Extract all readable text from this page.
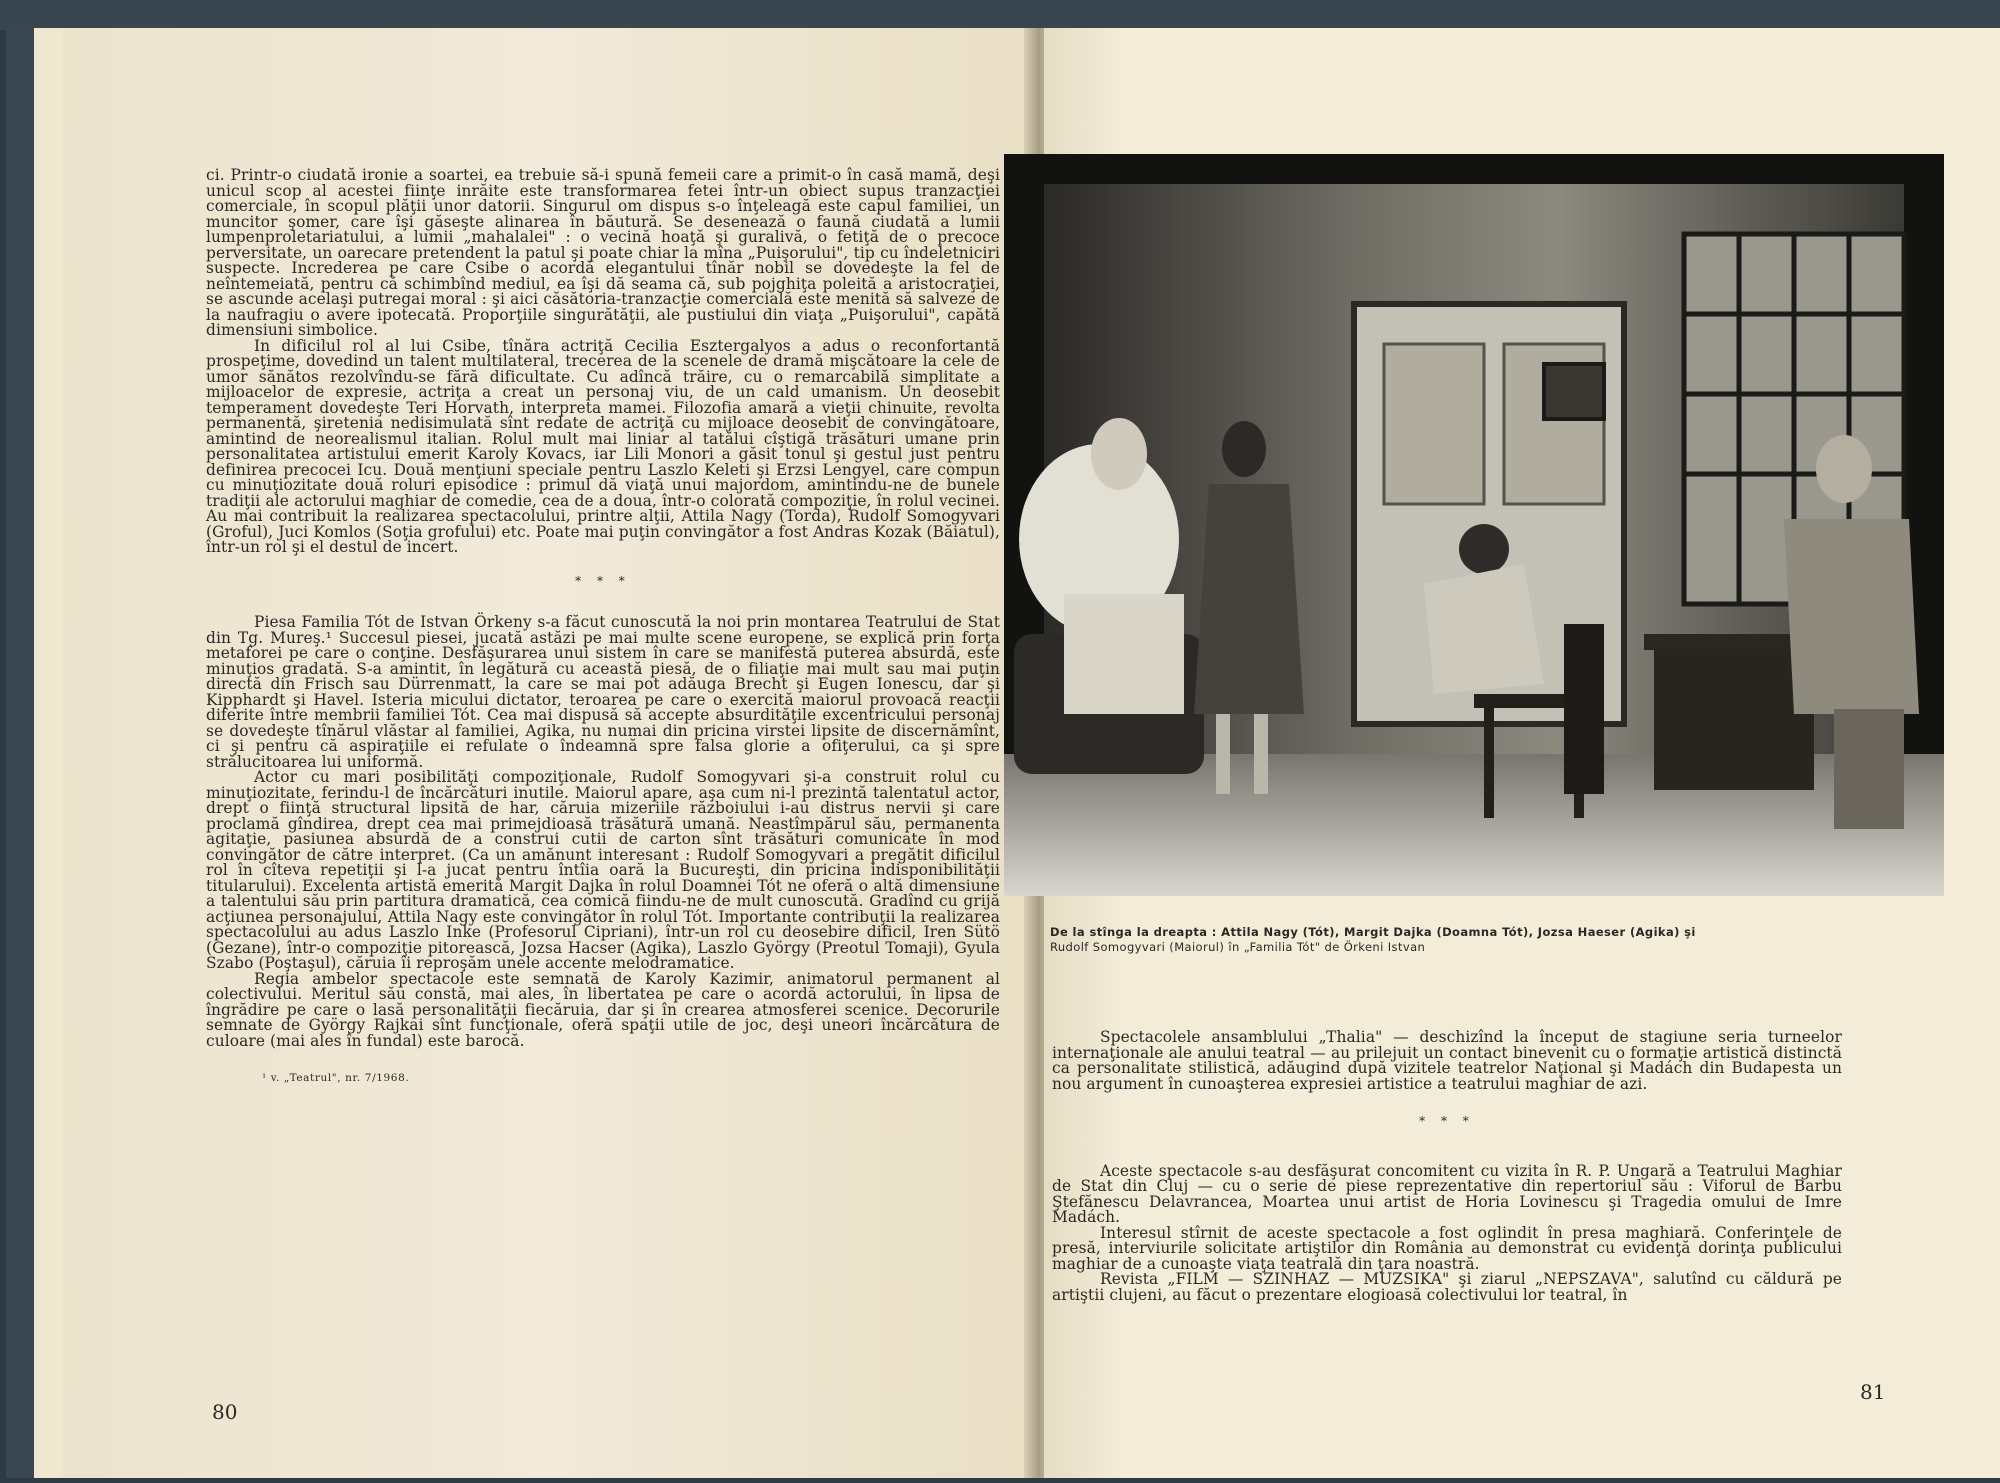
ci. Printr-o ciudată ironie a soartei, ea trebuie să-i spună femeii care a primit-o în casă mamă, deşi unicul scop al acestei fiinţe inrăite este transformarea fetei într-un obiect supus tranzacţiei comerciale, în scopul plăţii unor datorii. Singurul om dispus s-o înţeleagă este capul familiei, un muncitor şomer, care îşi găseşte alinarea în băutură. Se desenează o faună ciudată a lumii lumpenproletariatului, a lumii „mahalalei" : o vecină hoaţă şi guralivă, o fetiţă de o precoce perversitate, un oarecare pretendent la patul şi poate chiar la mîna „Puişorului", tip cu îndeletniciri suspecte. Increderea pe care Csibe o acordă elegantului tînăr nobil se dovedeşte la fel de neîntemeiată, pentru că schimbînd mediul, ea îşi dă seama că, sub pojghiţa poleită a aristocraţiei, se ascunde acelaşi putregai moral : şi aici căsătoria-tranzacţie comercială este menită să salveze de la naufragiu o avere ipotecată. Proporţiile singurătăţii, ale pustiului din viaţa „Puişorului", capătă dimensiuni simbolice.

In dificilul rol al lui Csibe, tînăra actriţă Cecilia Esztergalyos a adus o reconfortantă prospeţime, dovedind un talent multilateral, trecerea de la scenele de dramă mişcătoare la cele de umor sănătos rezolvîndu-se fără dificultate. Cu adîncă trăire, cu o remarcabilă simplitate a mijloacelor de expresie, actriţa a creat un personaj viu, de un cald umanism. Un deosebit temperament dovedeşte Teri Horvath, interpreta mamei. Filozofia amară a vieţii chinuite, revolta permanentă, şiretenia nedisimulată sînt redate de actriţă cu mijloace deosebit de convingătoare, amintind de neorealismul italian. Rolul mult mai liniar al tatălui cîştigă trăsături umane prin personalitatea artistului emerit Karoly Kovacs, iar Lili Monori a găsit tonul şi gestul just pentru definirea precocei Icu. Două menţiuni speciale pentru Laszlo Keleti şi Erzsi Lengyel, care compun cu minuţiozitate două roluri episodice : primul dă viaţă unui majordom, amintindu-ne de bunele tradiţii ale actorului maghiar de comedie, cea de a doua, într-o colorată compoziţie, în rolul vecinei. Au mai contribuit la realizarea spectacolului, printre alţii, Attila Nagy (Torda), Rudolf Somogyvari (Groful), Juci Komlos (Soţia grofului) etc. Poate mai puţin convingător a fost Andras Kozak (Băiatul), într-un rol şi el destul de incert.

* * *

Piesa Familia Tót de Istvan Örkeny s-a făcut cunoscută la noi prin montarea Teatrului de Stat din Tg. Mureş.¹ Succesul piesei, jucată astăzi pe mai multe scene europene, se explică prin forţa metaforei pe care o conţine. Desfăşurarea unui sistem în care se manifestă puterea absurdă, este minuţios gradată. S-a amintit, în legătură cu această piesă, de o filiaţie mai mult sau mai puţin directă din Frisch sau Dürrenmatt, la care se mai pot adăuga Brecht şi Eugen Ionescu, dar şi Kipphardt şi Havel. Isteria micului dictator, teroarea pe care o exercită maiorul provoacă reacţii diferite între membrii familiei Tót. Cea mai dispusă să accepte absurdităţile excentricului personaj se dovedeşte tînărul vlăstar al familiei, Agika, nu numai din pricina virstei lipsite de discernămînt, ci şi pentru că aspiraţiile ei refulate o îndeamnă spre falsa glorie a ofiţerului, ca şi spre strălucitoarea lui uniformă.

Actor cu mari posibilităţi compoziţionale, Rudolf Somogyvari şi-a construit rolul cu minuţiozitate, ferindu-l de încărcături inutile. Maiorul apare, aşa cum ni-l prezintă talentatul actor, drept o fiinţă structural lipsită de har, căruia mizeriile războiului i-au distrus nervii şi care proclamă gîndirea, drept cea mai primejdioasă trăsătură umană. Neastîmpărul său, permanenta agitaţie, pasiunea absurdă de a construi cutii de carton sînt trăsături comunicate în mod convingător de către interpret. (Ca un amănunt interesant : Rudolf Somogyvari a pregătit dificilul rol în cîteva repetiţii şi l-a jucat pentru întîia oară la Bucureşti, din pricina indisponibilităţii titularului). Excelenta artistă emerită Margit Dajka în rolul Doamnei Tót ne oferă o altă dimensiune a talentului său prin partitura dramatică, cea comică fiindu-ne de mult cunoscută. Gradînd cu grijă acţiunea personajului, Attila Nagy este convingător în rolul Tót. Importante contribuţii la realizarea spectacolului au adus Laszlo Inke (Profesorul Cipriani), într-un rol cu deosebire dificil, Iren Sütö (Gezane), într-o compoziţie pitorească, Jozsa Hacser (Agika), Laszlo György (Preotul Tomaji), Gyula Szabo (Poştaşul), căruia îi reproşăm unele accente melodramatice.

Regia ambelor spectacole este semnată de Karoly Kazimir, animatorul permanent al colectivului. Meritul său constă, mai ales, în libertatea pe care o acordă actorului, în lipsa de îngrădire pe care o lasă personalităţii fiecăruia, dar şi în crearea atmosferei scenice. Decorurile semnate de György Rajkai sînt funcţionale, oferă spaţii utile de joc, deşi uneori încărcătura de culoare (mai ales în fundal) este barocă.

¹ v. „Teatrul", nr. 7/1968.
80
81
De la stînga la dreapta : Attila Nagy (Tót), Margit Dajka (Doamna Tót), Jozsa Haeser (Agika) şi
Rudolf Somogyvari (Maiorul) în „Familia Tót" de Örkeni Istvan

Spectacolele ansamblului „Thalia" — deschizînd la început de stagiune seria turneelor internaţionale ale anului teatral — au prilejuit un contact binevenit cu o formaţie artistică distinctă ca personalitate stilistică, adăugind după vizitele teatrelor Naţional şi Madách din Budapesta un nou argument în cunoaşterea expresiei artistice a teatrului maghiar de azi.

* * *

Aceste spectacole s-au desfăşurat concomitent cu vizita în R. P. Ungară a Teatrului Maghiar de Stat din Cluj — cu o serie de piese reprezentative din repertoriul său : Viforul de Barbu Ştefănescu Delavrancea, Moartea unui artist de Horia Lovinescu şi Tragedia omului de Imre Madách.

Interesul stîrnit de aceste spectacole a fost oglindit în presa maghiară. Conferinţele de presă, interviurile solicitate artiştilor din România au demonstrat cu evidenţă dorinţa publicului maghiar de a cunoaşte viaţa teatrală din ţara noastră.

Revista „FILM — SZINHAZ — MUZSIKA" şi ziarul „NEPSZAVA", salutînd cu căldură pe artiştii clujeni, au făcut o prezentare elogioasă colectivului lor teatral, în
